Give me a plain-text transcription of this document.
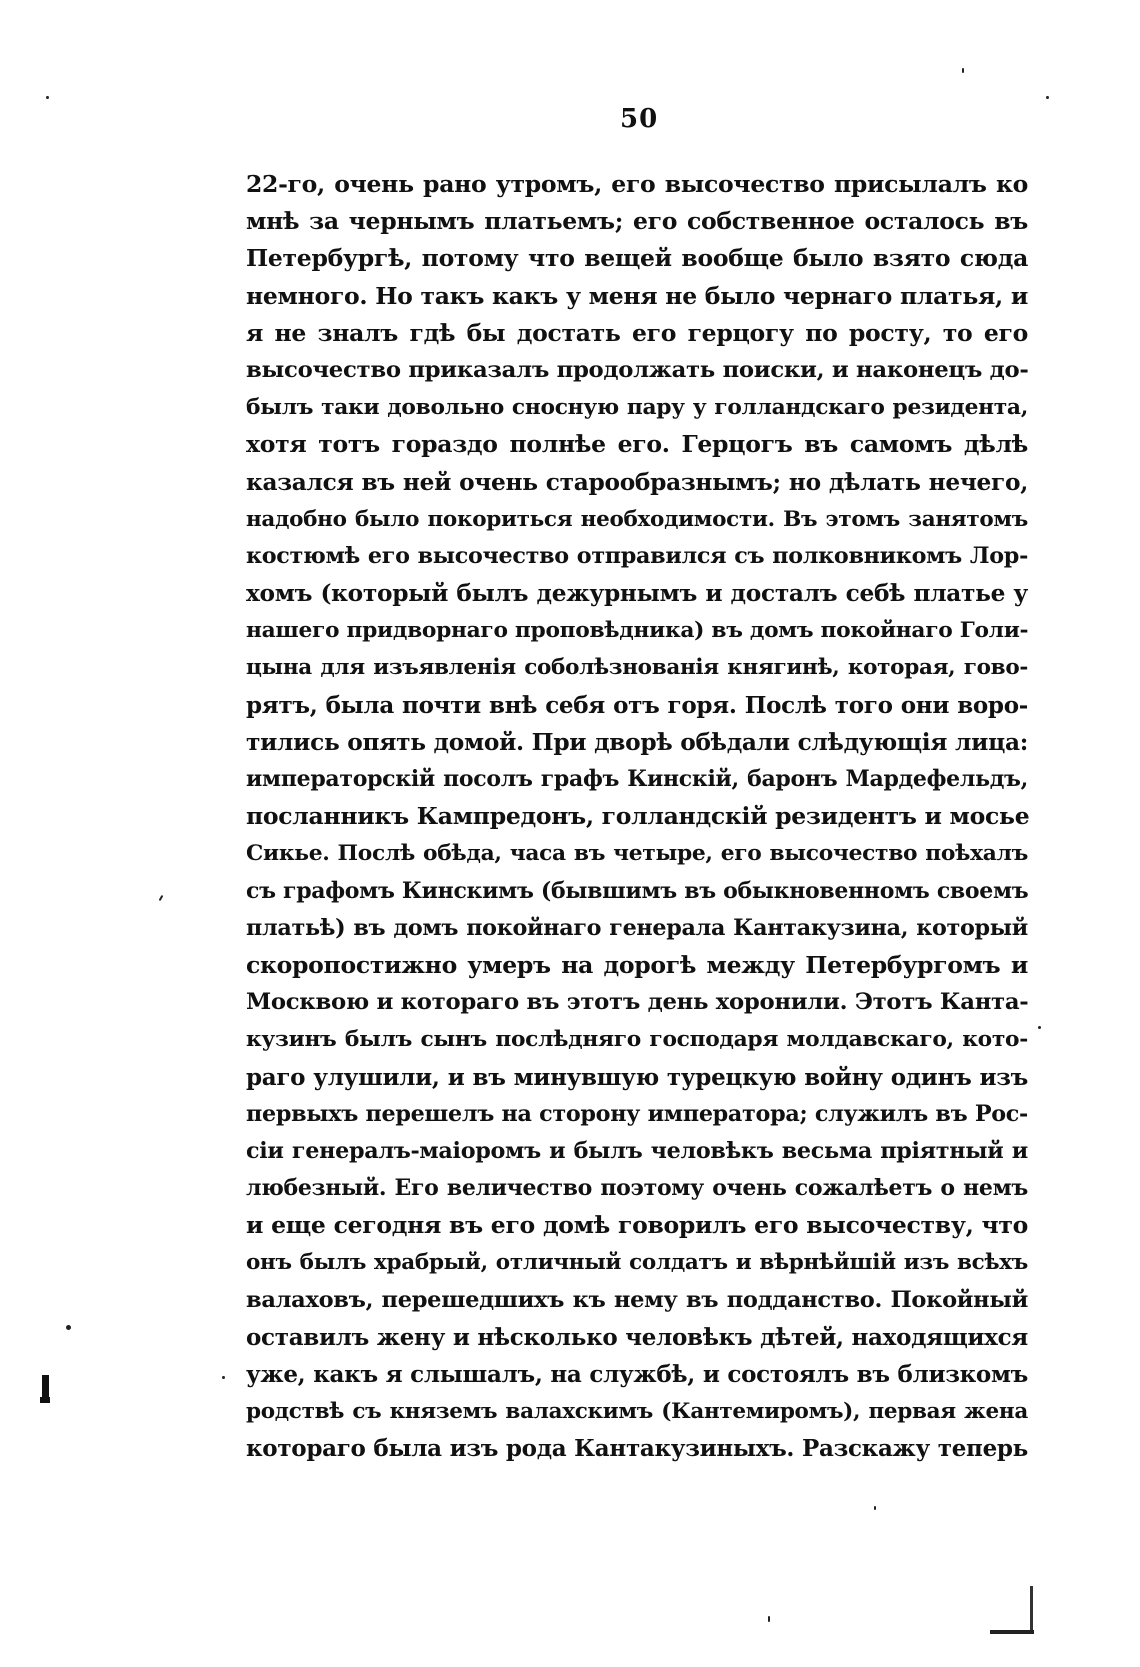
50
22-го, очень рано утромъ, его высочество присылалъ ко
мнѣ за чернымъ платьемъ; его собственное осталось въ
Петербургѣ, потому что вещей вообще было взято сюда
немного. Но такъ какъ у меня не было чернаго платья, и
я не зналъ гдѣ бы достать его герцогу по росту, то его
высочество приказалъ продолжать поиски, и наконецъ до-
былъ таки довольно сносную пару у голландскаго резидента,
хотя тотъ гораздо полнѣе его. Герцогъ въ самомъ дѣлѣ
казался въ ней очень старообразнымъ; но дѣлать нечего,
надобно было покориться необходимости. Въ этомъ занятомъ
костюмѣ его высочество отправился съ полковникомъ Лор-
хомъ (который былъ дежурнымъ и досталъ себѣ платье у
нашего придворнаго проповѣдника) въ домъ покойнаго Голи-
цына для изъявленія соболѣзнованія княгинѣ, которая, гово-
рятъ, была почти внѣ себя отъ горя. Послѣ того они воро-
тились опять домой. При дворѣ обѣдали слѣдующія лица:
императорскій посолъ графъ Кинскій, баронъ Мардефельдъ,
посланникъ Кампредонъ, голландскій резидентъ и мосье
Сикье. Послѣ обѣда, часа въ четыре, его высочество поѣхалъ
съ графомъ Кинскимъ (бывшимъ въ обыкновенномъ своемъ
платьѣ) въ домъ покойнаго генерала Кантакузина, который
скоропостижно умеръ на дорогѣ между Петербургомъ и
Москвою и котораго въ этотъ день хоронили. Этотъ Канта-
кузинъ былъ сынъ послѣдняго господаря молдавскаго, кото-
раго улушили, и въ минувшую турецкую войну одинъ изъ
первыхъ перешелъ на сторону императора; служилъ въ Рос-
сіи генералъ-маіоромъ и былъ человѣкъ весьма пріятный и
любезный. Его величество поэтому очень сожалѣетъ о немъ
и еще сегодня въ его домѣ говорилъ его высочеству, что
онъ былъ храбрый, отличный солдатъ и вѣрнѣйшій изъ всѣхъ
валаховъ, перешедшихъ къ нему въ подданство. Покойный
оставилъ жену и нѣсколько человѣкъ дѣтей, находящихся
уже, какъ я слышалъ, на службѣ, и состоялъ въ близкомъ
родствѣ съ княземъ валахскимъ (Кантемиромъ), первая жена
котораго была изъ рода Кантакузиныхъ. Разскажу теперь
